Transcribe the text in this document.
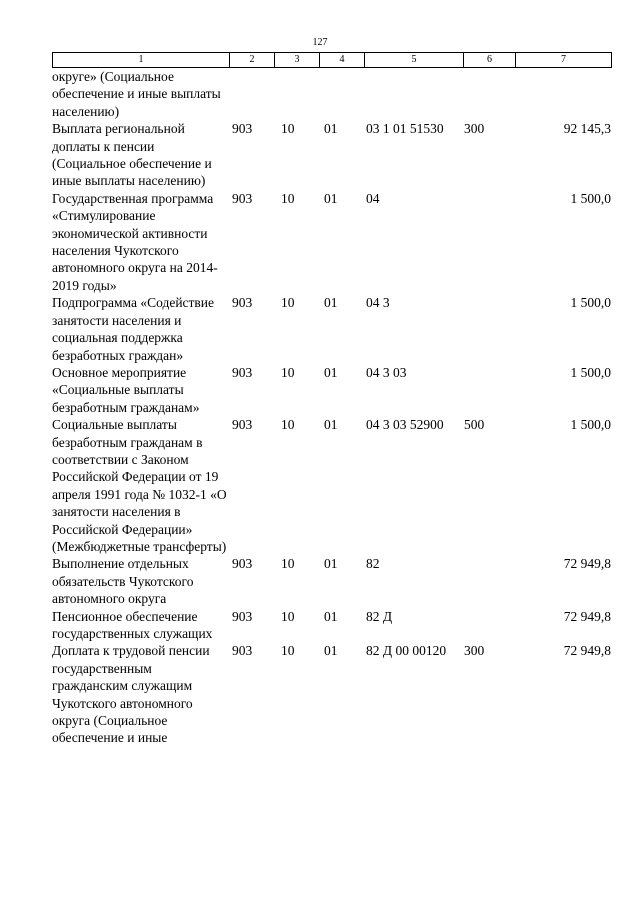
127
1	2	3	4	5	6	7
округе» (Социальное обеспечение и иные выплаты населению)						
Выплата региональной доплаты к пенсии (Социальное обеспечение и иные выплаты населению)	903	10	01	03 1 01 51530	300	92 145,3
Государственная программа «Стимулирование экономической активности населения Чукотского автономного округа на 2014-2019 годы»	903	10	01	04		1 500,0
Подпрограмма «Содействие занятости населения и социальная поддержка безработных граждан»	903	10	01	04 3		1 500,0
Основное мероприятие «Социальные выплаты безработным гражданам»	903	10	01	04 3 03		1 500,0
Социальные выплаты безработным гражданам в соответствии с Законом Российской Федерации от 19 апреля 1991 года № 1032-1 «О занятости населения в Российской Федерации» (Межбюджетные трансферты)	903	10	01	04 3 03 52900	500	1 500,0
Выполнение отдельных обязательств Чукотского автономного округа	903	10	01	82		72 949,8
Пенсионное обеспечение государственных служащих	903	10	01	82 Д		72 949,8
Доплата к трудовой пенсии государственным гражданским служащим Чукотского автономного округа (Социальное обеспечение и иные	903	10	01	82 Д 00 00120	300	72 949,8
